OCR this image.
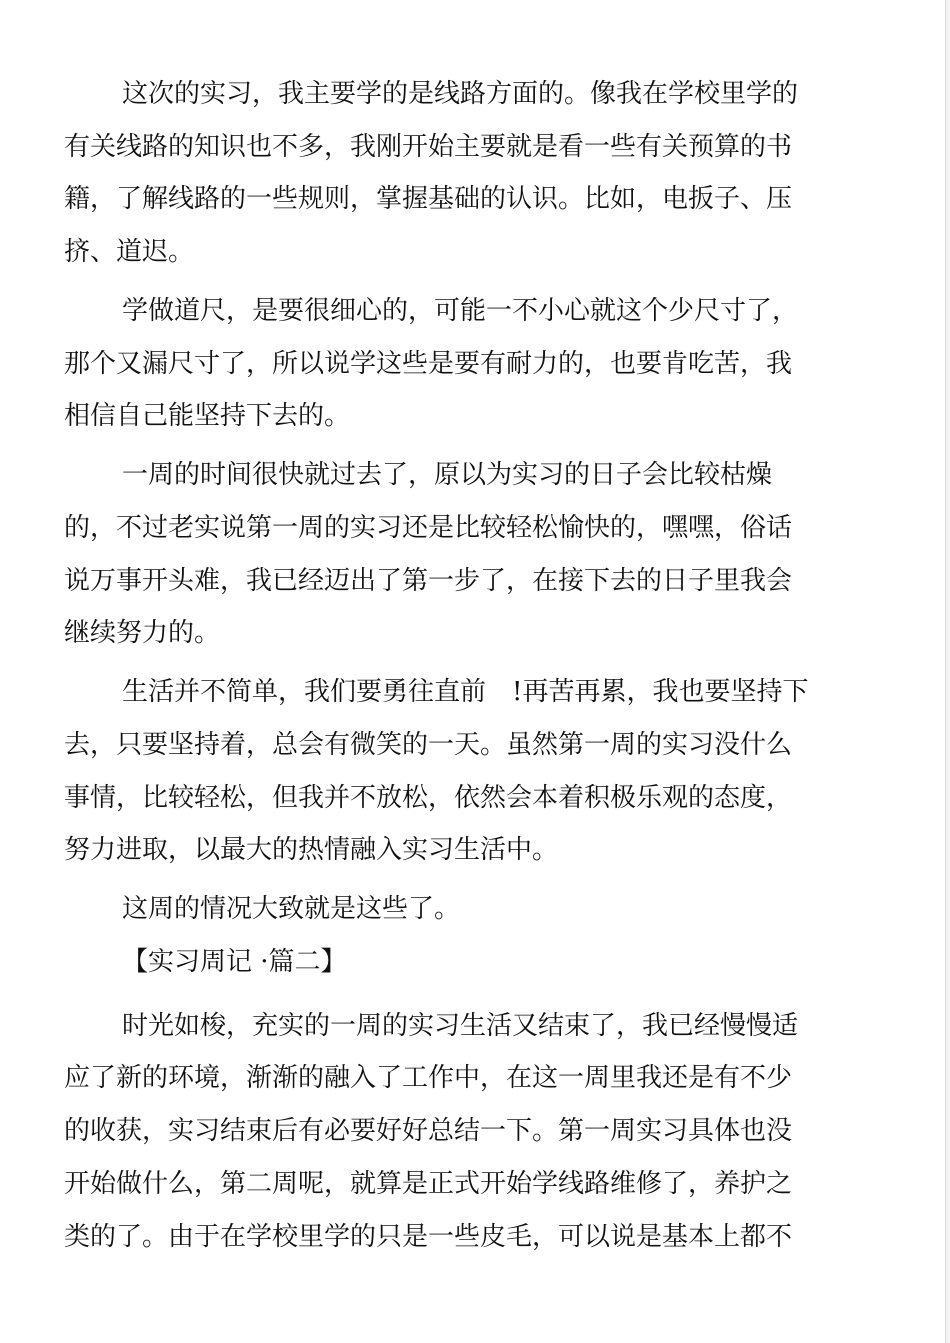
这次的实习，我主要学的是线路方面的。像我在学校里学的
有关线路的知识也不多，我刚开始主要就是看一些有关预算的书
籍，了解线路的一些规则，掌握基础的认识。比如，电扳子、压
挤、道迟。
学做道尺，是要很细心的，可能一不小心就这个少尺寸了，
那个又漏尺寸了，所以说学这些是要有耐力的，也要肯吃苦，我
相信自己能坚持下去的。
一周的时间很快就过去了，原以为实习的日子会比较枯燥
的，不过老实说第一周的实习还是比较轻松愉快的，嘿嘿，俗话
说万事开头难，我已经迈出了第一步了，在接下去的日子里我会
继续努力的。
生活并不简单，我们要勇往直前　!再苦再累，我也要坚持下
去，只要坚持着，总会有微笑的一天。虽然第一周的实习没什么
事情，比较轻松，但我并不放松，依然会本着积极乐观的态度，
努力进取，以最大的热情融入实习生活中。
这周的情况大致就是这些了。
【实习周记 ·篇二】
时光如梭，充实的一周的实习生活又结束了，我已经慢慢适
应了新的环境，渐渐的融入了工作中，在这一周里我还是有不少
的收获，实习结束后有必要好好总结一下。第一周实习具体也没
开始做什么，第二周呢，就算是正式开始学线路维修了，养护之
类的了。由于在学校里学的只是一些皮毛，可以说是基本上都不
